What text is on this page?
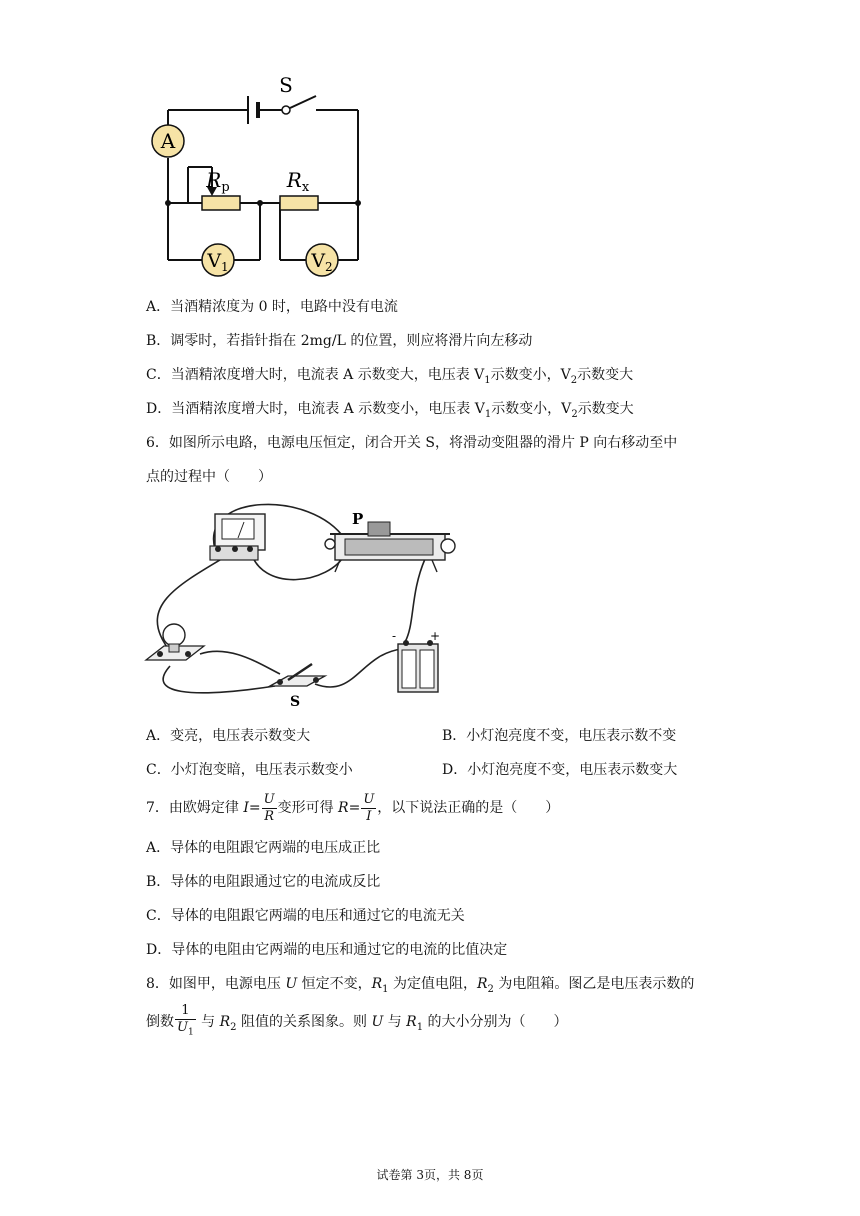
S
A
$R_p$	$R_x$
$V_1$	$V_2$
A．当酒精浓度为 0 时，电路中没有电流
B．调零时，若指针指在 2mg/L 的位置，则应将滑片向左移动
C．当酒精浓度增大时，电流表 A 示数变大，电压表 $V_1$示数变小，$V_2$示数变大
D．当酒精浓度增大时，电流表 A 示数变小，电压表 $V_1$示数变小，$V_2$示数变大
6．如图所示电路，电源电压恒定，闭合开关 S，将滑动变阻器的滑片 P 向右移动至中
点的过程中（　　）
P
S
-	+
A．变亮，电压表示数变大	B．小灯泡亮度不变，电压表示数不变
C．小灯泡变暗，电压表示数变小	D．小灯泡亮度不变，电压表示数变大
7．由欧姆定律 $I= \frac{U}{R}$ 变形可得 $R= \frac{U}{I}$ ，以下说法正确的是（　　）
A．导体的电阻跟它两端的电压成正比
B．导体的电阻跟通过它的电流成反比
C．导体的电阻跟它两端的电压和通过它的电流无关
D．导体的电阻由它两端的电压和通过它的电流的比值决定
8．如图甲，电源电压 U 恒定不变，$R_1$ 为定值电阻，$R_2$ 为电阻箱。图乙是电压表示数的
倒数 $\frac{1}{U_1}$ 与 $R_2$ 阻值的关系图象。则 U 与 $R_1$ 的大小分别为（　　）
试卷第 3页，共 8页
